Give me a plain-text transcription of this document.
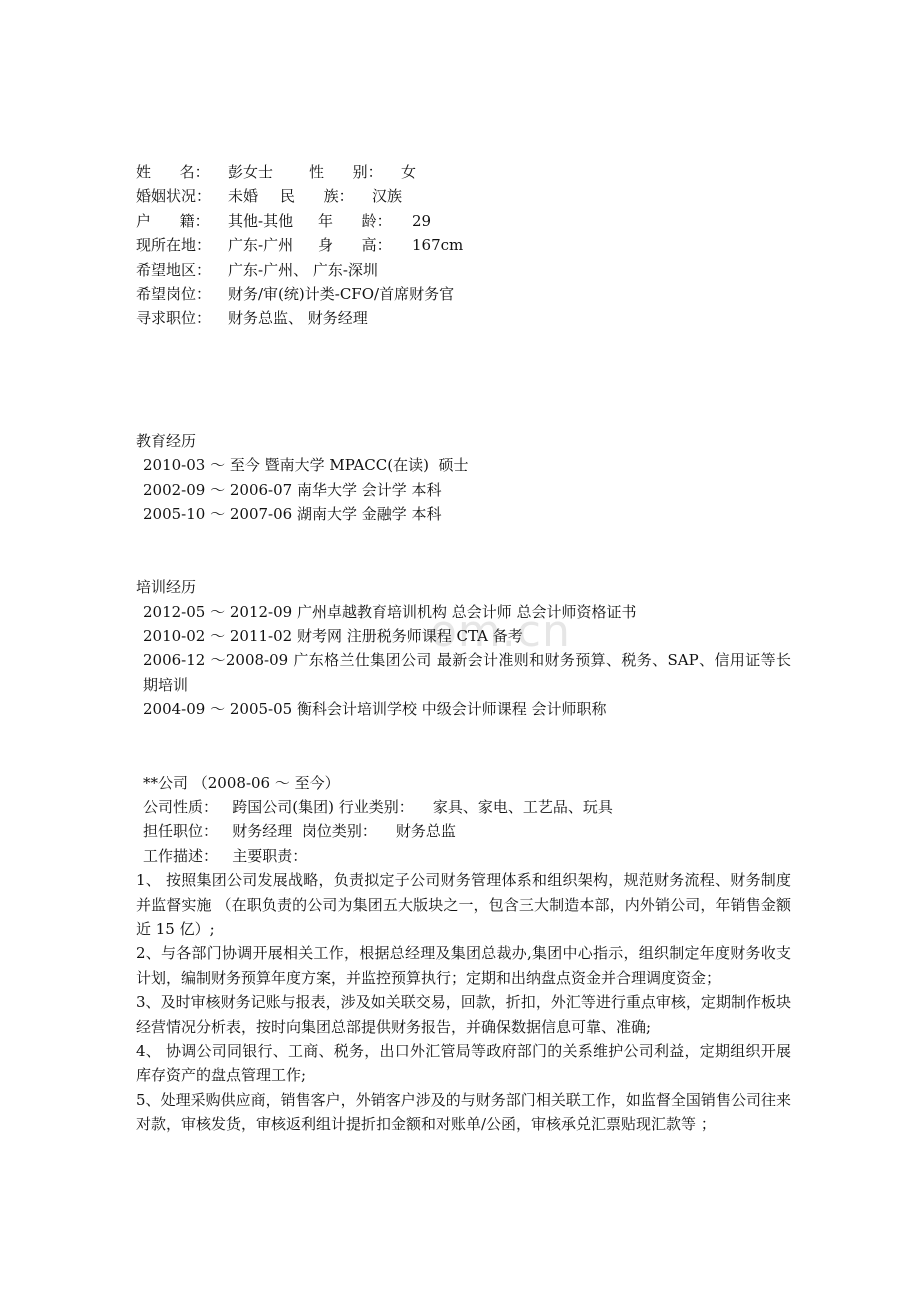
om.cn
姓      名： 彭女士 性      别： 女
婚姻状况： 未婚 民      族： 汉族
户      籍： 其他-其他 年      龄： 29
现所在地： 广东-广州 身      高： 167cm
希望地区： 广东-广州、 广东-深圳
希望岗位： 财务/审(统)计类-CFO/首席财务官
寻求职位： 财务总监、 财务经理
教育经历
2010-03 ～ 至今 暨南大学 MPACC(在读)  硕士
2002-09 ～ 2006-07 南华大学 会计学 本科
2005-10 ～ 2007-06 湖南大学 金融学 本科
培训经历
2012-05 ～ 2012-09 广州卓越教育培训机构 总会计师 总会计师资格证书
2010-02 ～ 2011-02 财考网 注册税务师课程 CTA 备考
2006-12 ～2008-09 广东格兰仕集团公司 最新会计准则和财务预算、税务、SAP、信用证等长期培训
2004-09 ～ 2005-05 衡科会计培训学校 中级会计师课程 会计师职称
**公司 （2008-06 ～ 至今）
公司性质：   跨国公司(集团) 行业类别：    家具、家电、工艺品、玩具
担任职位：   财务经理  岗位类别：    财务总监
工作描述：   主要职责：
1、 按照集团公司发展战略，负责拟定子公司财务管理体系和组织架构，规范财务流程、财务制度并监督实施 （在职负责的公司为集团五大版块之一，包含三大制造本部，内外销公司，年销售金额近 15 亿）;
2、与各部门协调开展相关工作，根据总经理及集团总裁办,集团中心指示，组织制定年度财务收支计划，编制财务预算年度方案，并监控预算执行；定期和出纳盘点资金并合理调度资金；
3、及时审核财务记账与报表，涉及如关联交易，回款，折扣，外汇等进行重点审核，定期制作板块经营情况分析表，按时向集团总部提供财务报告，并确保数据信息可靠、准确;
4、 协调公司同银行、工商、税务，出口外汇管局等政府部门的关系维护公司利益，定期组织开展库存资产的盘点管理工作;
5、处理采购供应商，销售客户，外销客户涉及的与财务部门相关联工作，如监督全国销售公司往来对款，审核发货，审核返利组计提折扣金额和对账单/公函，审核承兑汇票贴现汇款等 ；
